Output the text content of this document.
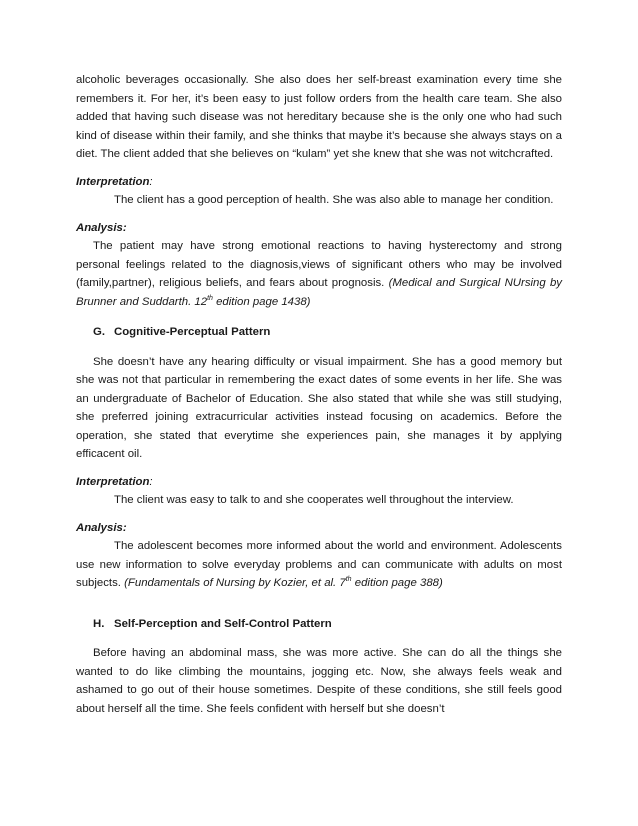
alcoholic beverages occasionally. She also does her self-breast examination every time she remembers it. For her, it’s been easy to just follow orders from the health care team. She also added that having such disease was not hereditary because she is the only one who had such kind of disease within their family, and she thinks that maybe it’s because she always stays on a diet. The client added that she believes on “kulam” yet she knew that she was not witchcrafted.

Interpretation:

The client has a good perception of health. She was also able to manage her condition.

Analysis:

The patient may have strong emotional reactions to having hysterectomy and strong personal feelings related to the diagnosis,views of significant others who may be involved (family,partner), religious beliefs, and fears about prognosis. (Medical and Surgical NUrsing by Brunner and Suddarth. 12th edition page 1438)

G. Cognitive-Perceptual Pattern

She doesn’t have any hearing difficulty or visual impairment. She has a good memory but she was not that particular in remembering the exact dates of some events in her life. She was an undergraduate of Bachelor of Education. She also stated that while she was still studying, she preferred joining extracurricular activities instead focusing on academics. Before the operation, she stated that everytime she experiences pain, she manages it by applying efficacent oil.

Interpretation:

The client was easy to talk to and she cooperates well throughout the interview.

Analysis:

The adolescent becomes more informed about the world and environment. Adolescents use new information to solve everyday problems and can communicate with adults on most subjects. (Fundamentals of Nursing by Kozier, et al. 7th edition page 388)

H. Self-Perception and Self-Control Pattern

Before having an abdominal mass, she was more active. She can do all the things she wanted to do like climbing the mountains, jogging etc. Now, she always feels weak and ashamed to go out of their house sometimes. Despite of these conditions, she still feels good about herself all the time. She feels confident with herself but she doesn’t
